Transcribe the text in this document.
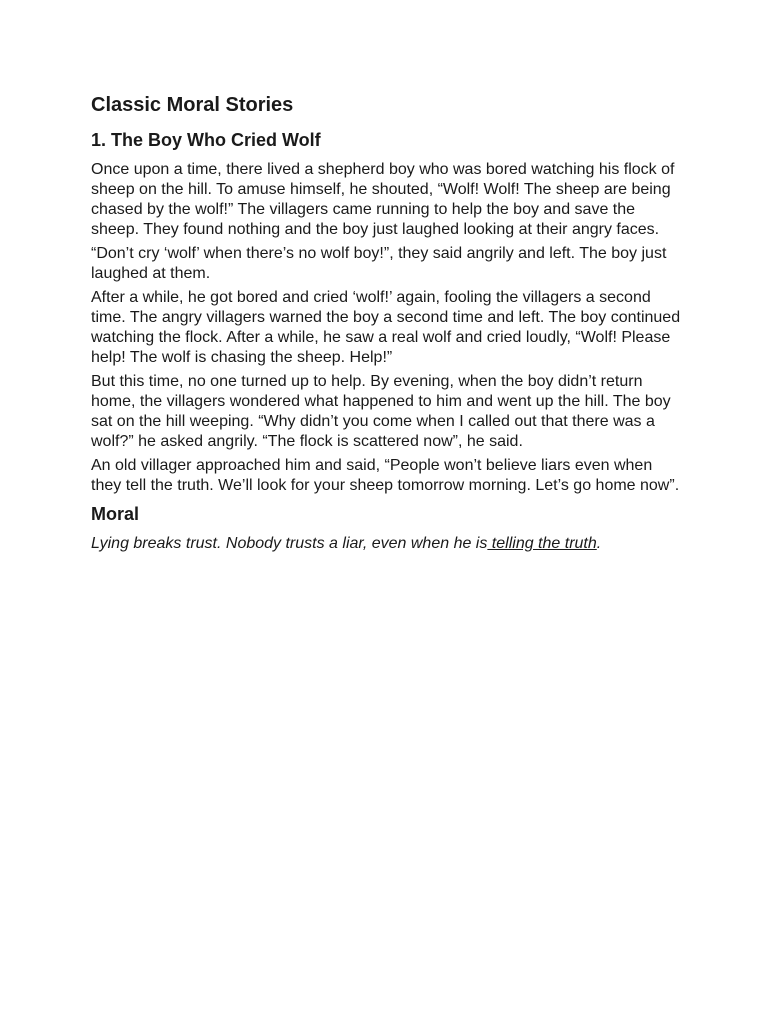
Classic Moral Stories
1. The Boy Who Cried Wolf

Once upon a time, there lived a shepherd boy who was bored watching his flock of sheep on the hill. To amuse himself, he shouted, “Wolf! Wolf! The sheep are being chased by the wolf!” The villagers came running to help the boy and save the sheep. They found nothing and the boy just laughed looking at their angry faces.

“Don’t cry ‘wolf’ when there’s no wolf boy!”, they said angrily and left. The boy just laughed at them.

After a while, he got bored and cried ‘wolf!’ again, fooling the villagers a second time. The angry villagers warned the boy a second time and left. The boy continued watching the flock. After a while, he saw a real wolf and cried loudly, “Wolf! Please help! The wolf is chasing the sheep. Help!”

But this time, no one turned up to help. By evening, when the boy didn’t return home, the villagers wondered what happened to him and went up the hill. The boy sat on the hill weeping. “Why didn’t you come when I called out that there was a wolf?” he asked angrily. “The flock is scattered now”, he said.

An old villager approached him and said, “People won’t believe liars even when they tell the truth. We’ll look for your sheep tomorrow morning. Let’s go home now”.

Moral

Lying breaks trust. Nobody trusts a liar, even when he is telling the truth.
